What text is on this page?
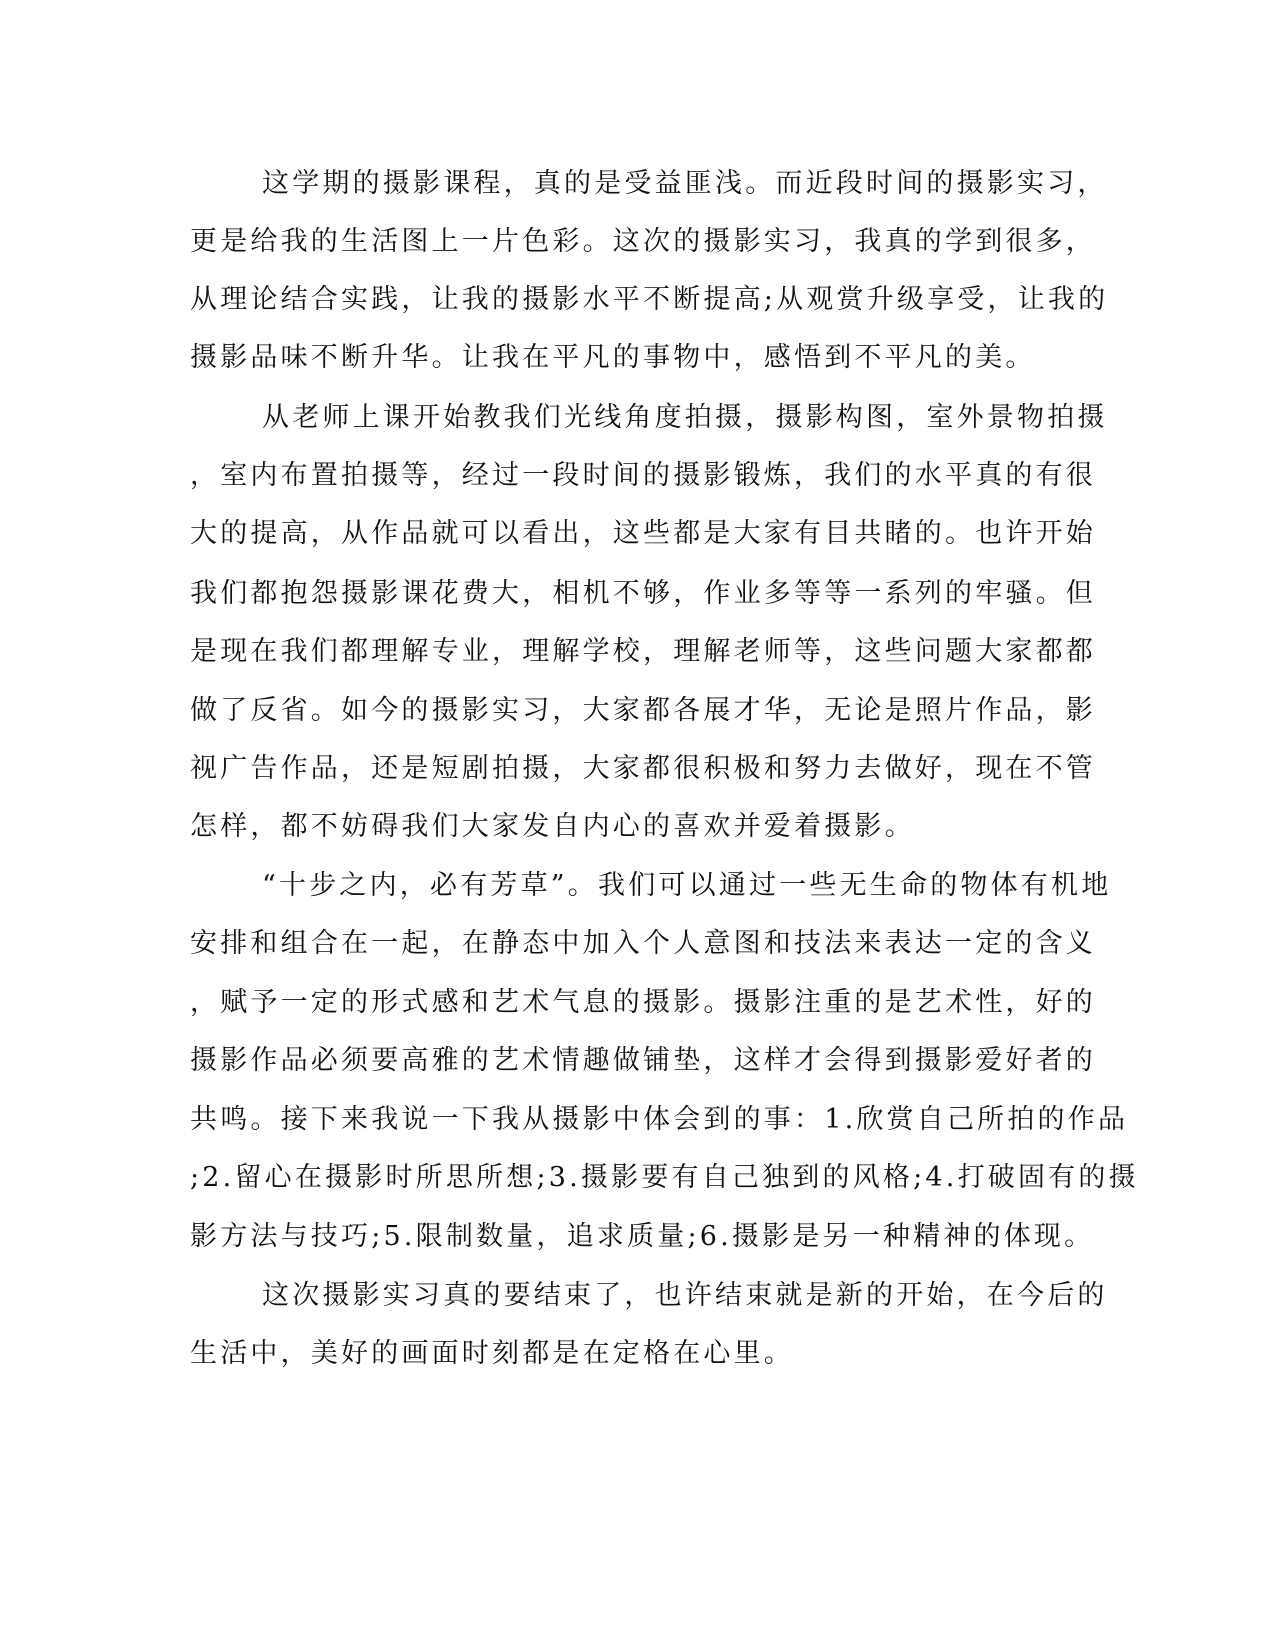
这学期的摄影课程，真的是受益匪浅。而近段时间的摄影实习，

更是给我的生活图上一片色彩。这次的摄影实习，我真的学到很多，

从理论结合实践，让我的摄影水平不断提高;从观赏升级享受，让我的

摄影品味不断升华。让我在平凡的事物中，感悟到不平凡的美。

从老师上课开始教我们光线角度拍摄，摄影构图，室外景物拍摄

，室内布置拍摄等，经过一段时间的摄影锻炼，我们的水平真的有很

大的提高，从作品就可以看出，这些都是大家有目共睹的。也许开始

我们都抱怨摄影课花费大，相机不够，作业多等等一系列的牢骚。但

是现在我们都理解专业，理解学校，理解老师等，这些问题大家都都

做了反省。如今的摄影实习，大家都各展才华，无论是照片作品，影

视广告作品，还是短剧拍摄，大家都很积极和努力去做好，现在不管

怎样，都不妨碍我们大家发自内心的喜欢并爱着摄影。

“十步之内，必有芳草”。我们可以通过一些无生命的物体有机地

安排和组合在一起，在静态中加入个人意图和技法来表达一定的含义

，赋予一定的形式感和艺术气息的摄影。摄影注重的是艺术性，好的

摄影作品必须要高雅的艺术情趣做铺垫，这样才会得到摄影爱好者的

共鸣。接下来我说一下我从摄影中体会到的事：1.欣赏自己所拍的作品

;2.留心在摄影时所思所想;3.摄影要有自己独到的风格;4.打破固有的摄

影方法与技巧;5.限制数量，追求质量;6.摄影是另一种精神的体现。

这次摄影实习真的要结束了，也许结束就是新的开始，在今后的

生活中，美好的画面时刻都是在定格在心里。
